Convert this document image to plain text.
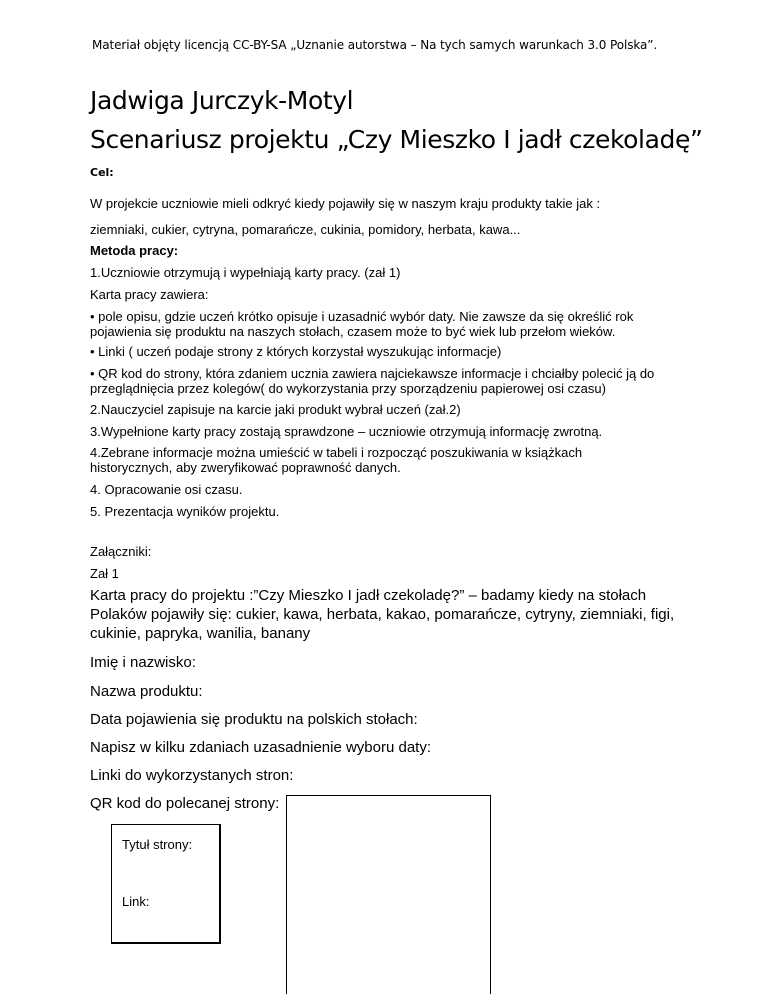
Materiał objęty licencją CC-BY-SA „Uznanie autorstwa – Na tych samych warunkach 3.0 Polska”.

Jadwiga Jurczyk-Motyl
Scenariusz projektu „Czy Mieszko I jadł czekoladę”

Cel:

W projekcie uczniowie mieli odkryć kiedy pojawiły się w naszym kraju produkty takie jak :

ziemniaki, cukier, cytryna, pomarańcze, cukinia, pomidory, herbata, kawa...

Metoda pracy:

1.Uczniowie otrzymują i wypełniają karty pracy. (zał 1)

Karta pracy zawiera:

• pole opisu, gdzie uczeń krótko opisuje i uzasadnić wybór daty. Nie zawsze da się określić rok pojawienia się produktu na naszych stołach, czasem może to być wiek lub przełom wieków.

• Linki ( uczeń podaje strony z których korzystał wyszukując informacje)

• QR kod do strony, która zdaniem ucznia zawiera najciekawsze informacje i chciałby polecić ją do przeglądnięcia przez kolegów( do wykorzystania przy sporządzeniu papierowej osi czasu)

2.Nauczyciel zapisuje na karcie jaki produkt wybrał uczeń (zał.2)

3.Wypełnione karty pracy zostają sprawdzone – uczniowie otrzymują informację zwrotną.

4.Zebrane informacje można umieścić w tabeli i rozpocząć poszukiwania w książkach historycznych, aby zweryfikować poprawność danych.

4. Opracowanie osi czasu.

5. Prezentacja wyników projektu.

Załączniki:

Zał 1

Karta pracy do projektu :”Czy Mieszko I jadł czekoladę?” – badamy kiedy na stołach Polaków pojawiły się: cukier, kawa, herbata, kakao, pomarańcze, cytryny, ziemniaki, figi, cukinie, papryka, wanilia, banany

Imię i nazwisko:

Nazwa produktu:

Data pojawienia się produktu na polskich stołach:

Napisz w kilku zdaniach uzasadnienie wyboru daty:

Linki do wykorzystanych stron:

QR kod do polecanej strony:

Tytuł strony:
Link:
